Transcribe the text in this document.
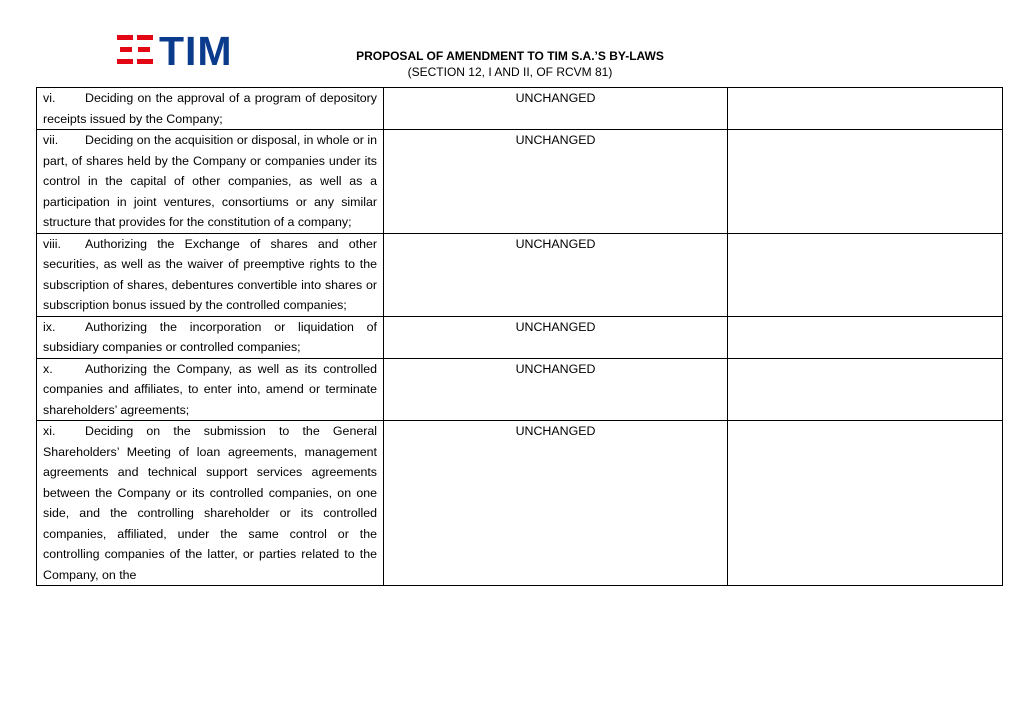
TIM	PROPOSAL OF AMENDMENT TO TIM S.A.’S BY-LAWS
(SECTION 12, I AND II, OF RCVM 81)
vi. Deciding on the approval of a program of depository receipts issued by the Company;	UNCHANGED	
vii. Deciding on the acquisition or disposal, in whole or in part, of shares held by the Company or companies under its control in the capital of other companies, as well as a participation in joint ventures, consortiums or any similar structure that provides for the constitution of a company;	UNCHANGED	
viii. Authorizing the Exchange of shares and other securities, as well as the waiver of preemptive rights to the subscription of shares, debentures convertible into shares or subscription bonus issued by the controlled companies;	UNCHANGED	
ix. Authorizing the incorporation or liquidation of subsidiary companies or controlled companies;	UNCHANGED	
x. Authorizing the Company, as well as its controlled companies and affiliates, to enter into, amend or terminate shareholders’ agreements;	UNCHANGED	
xi. Deciding on the submission to the General Shareholders’ Meeting of loan agreements, management agreements and technical support services agreements between the Company or its controlled companies, on one side, and the controlling shareholder or its controlled companies, affiliated, under the same control or the controlling companies of the latter, or parties related to the Company, on the	UNCHANGED	
